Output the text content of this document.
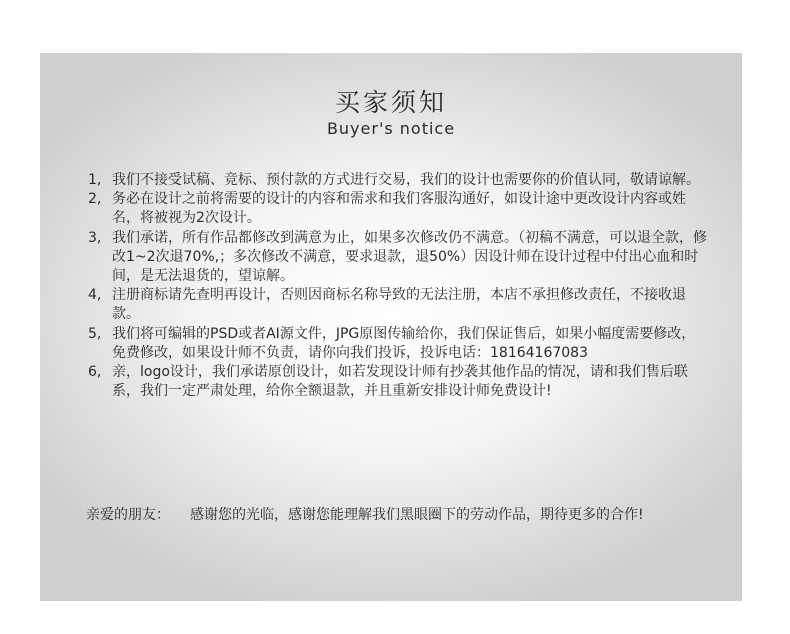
买家须知
Buyer's notice
1, 我们不接受试稿、竞标、预付款的方式进行交易，我们的设计也需要你的价值认同，敬请谅解。
2, 务必在设计之前将需要的设计的内容和需求和我们客服沟通好，如设计途中更改设计内容或姓名，将被视为2次设计。
3, 我们承诺，所有作品都修改到满意为止，如果多次修改仍不满意。（初稿不满意，可以退全款，修改1~2次退70%,；多次修改不满意，要求退款，退50%）因设计师在设计过程中付出心血和时间，是无法退货的，望谅解。
4, 注册商标请先查明再设计，否则因商标名称导致的无法注册，本店不承担修改责任，不接收退款。
5, 我们将可编辑的PSD或者AI源文件，JPG原图传输给你，我们保证售后，如果小幅度需要修改，免费修改，如果设计师不负责，请你向我们投诉，投诉电话：18164167083
6, 亲，logo设计，我们承诺原创设计，如若发现设计师有抄袭其他作品的情况，请和我们售后联系，我们一定严肃处理，给你全额退款，并且重新安排设计师免费设计!
亲爱的朋友： 感谢您的光临，感谢您能理解我们黑眼圈下的劳动作品，期待更多的合作!
